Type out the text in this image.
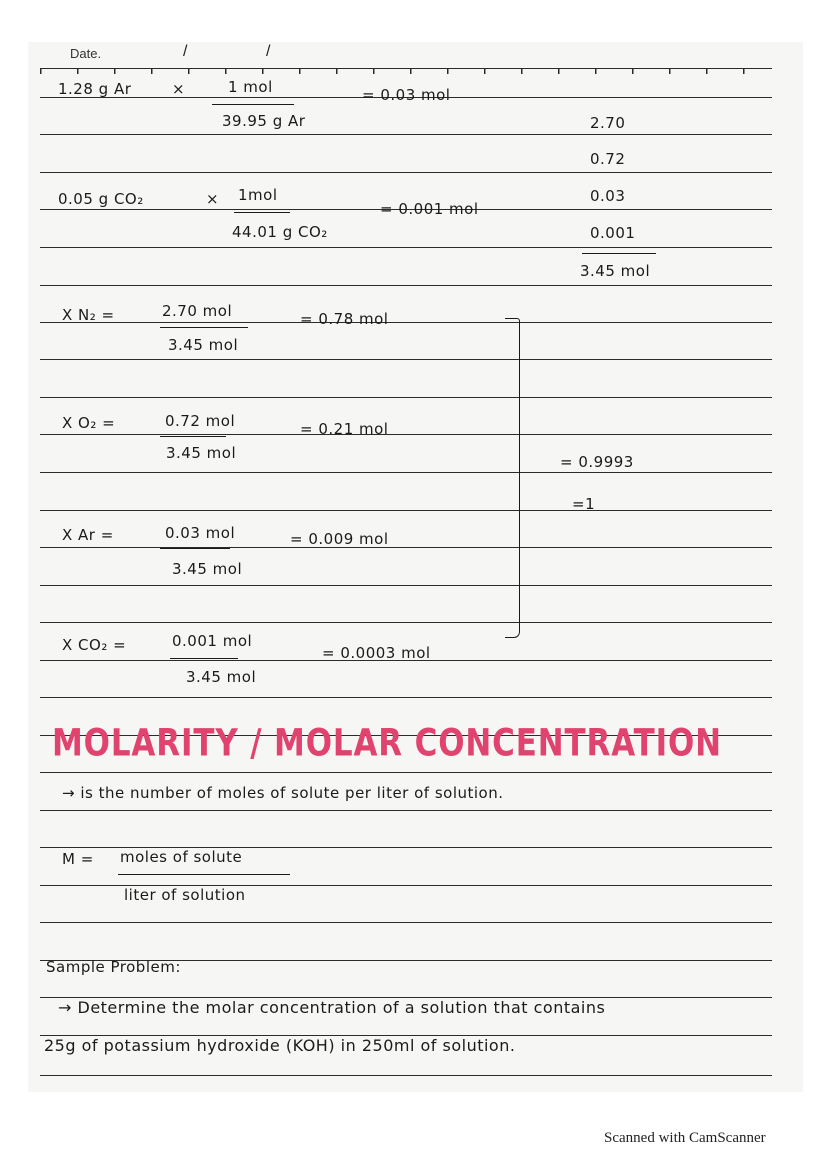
Date.	/	/
1.28 g Ar	×	1 mol
39.95 g Ar
= 0.03 mol
0.05 g CO₂	× 1mol
44.01 g CO₂
= 0.001 mol
2.70
0.72
0.03
0.001
3.45 mol
X N₂ =	2.70 mol
3.45 mol
= 0.78 mol
X O₂ =	0.72 mol
3.45 mol
= 0.21 mol
X Ar =	0.03 mol
3.45 mol
= 0.009 mol
X CO₂ =	0.001 mol
3.45 mol
= 0.0003 mol
= 0.9993
=1
MOLARITY / MOLAR CONCENTRATION
→ is the number of moles of solute per liter of solution.
M = moles of solute
liter of solution
Sample Problem:
→ Determine the molar concentration of a solution that contains
25g of potassium hydroxide (KOH) in 250ml of solution.
Scanned with CamScanner
